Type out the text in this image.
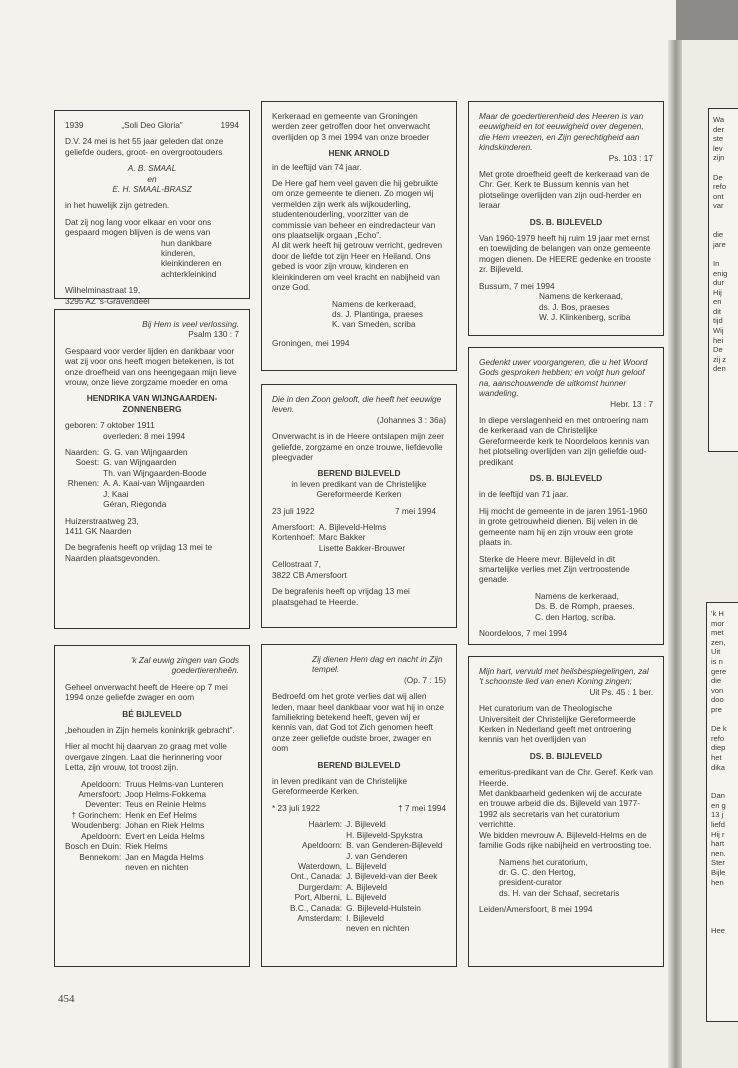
1939	„Soli Deo Gloria”	1994

D.V. 24 mei is het 55 jaar geleden dat onze geliefde ouders, groot- en overgrootouders

A. B. SMAAL
en
E. H. SMAAL-BRASZ

in het huwelijk zijn getreden.

Dat zij nog lang voor elkaar en voor ons gespaard mogen blijven is de wens van

hun dankbare kinderen, kleinkinderen en achterkleinkind

Wilhelminastraat 19,
3295 AZ 's-Gravendeel
Bij Hem is veel verlossing.

Psalm 130 : 7

Gespaard voor verder lijden en dankbaar voor wat zij voor ons heeft mogen betekenen, is tot onze droefheid van ons heengegaan mijn lieve vrouw, onze lieve zorgzame moeder en oma

HENDRIKA VAN WIJNGAARDEN-ZONNENBERG

geboren: 7 oktober 1911

overleden: 8 mei 1994

Naarden: G. G. van Wijngaarden
Soest: G. van Wijngaarden
Th. van Wijngaarden-Boode
Rhenen: A. A. Kaai-van Wijngaarden
J. Kaai
Géran, Riegonda
Huizerstraatweg 23,

1411 GK Naarden

De begrafenis heeft op vrijdag 13 mei te Naarden plaatsgevonden.

'k Zal euwig zingen van Gods goedertierenheên.

Geheel onverwacht heeft de Heere op 7 mei 1994 onze geliefde zwager en oom

BÉ BIJLEVELD

„behouden in Zijn hemels koninkrijk gebracht”.

Hier al mocht hij daarvan zo graag met volle overgave zingen. Laat die herinnering voor Letta, zijn vrouw, tot troost zijn.

Apeldoorn: Truus Helms-van Lunteren
Amersfoort: Joop Helms-Fokkema
Deventer: Teus en Reinie Helms
† Gorinchem: Henk en Eef Helms
Woudenberg: Johan en Riek Helms
Apeldoorn: Evert en Leida Helms
Bosch en Duin: Riek Helms
Bennekom: Jan en Magda Helms
neven en nichten

Kerkeraad en gemeente van Groningen werden zeer getroffen door het onverwacht overlijden op 3 mei 1994 van onze broeder

HENK ARNOLD

in de leeftijd van 74 jaar.

De Here gaf hem veel gaven die hij gebruikte om onze gemeente te dienen. Zo mogen wij vermelden zijn werk als wijkouderling, studentenouderling, voorzitter van de commissie van beheer en eindredacteur van ons plaatselijk orgaan „Echo”.

Al dit werk heeft hij getrouw verricht, gedreven door de liefde tot zijn Heer en Heiland. Ons gebed is voor zijn vrouw, kinderen en kleinkinderen om veel kracht en nabijheid van onze God.

Namens de kerkeraad,
ds. J. Plantinga, praeses

K. van Smeden, scriba

Groningen, mei 1994
Die in den Zoon gelooft, die heeft het eeuwige leven.

(Johannes 3 : 36a)

Onverwacht is in de Heere ontslapen mijn zeer geliefde, zorgzame en onze trouwe, liefdevolle pleegvader

BEREND BIJLEVELD

in leven predikant van de Christelijke Gereformeerde Kerken

23 juli 1922	7 mei 1994

Amersfoort: A. Bijleveld-Helms
Kortenhoef: Marc Bakker
Lisette Bakker-Brouwer
Cellostraat 7,

3822 CB Amersfoort

De begrafenis heeft op vrijdag 13 mei plaatsgehad te Heerde.

Zij dienen Hem dag en nacht in Zijn tempel.

(Op. 7 : 15)

Bedroefd om het grote verlies dat wij allen leden, maar heel dankbaar voor wat hij in onze familiekring betekend heeft, geven wij er kennis van, dat God tot Zich genomen heeft onze zeer geliefde oudste broer, zwager en oom

BEREND BIJLEVELD

in leven predikant van de Christelijke Gereformeerde Kerken.

* 23 juli 1922	† 7 mei 1994

Haarlem: J. Bijleveld
H. Bijleveld-Spykstra
Apeldoorn: B. van Genderen-Bijleveld
J. van Genderen
Waterdown, L. Bijleveld
Ont., Canada: J. Bijleveld-van der Beek
Durgerdam: A. Bijleveld
Port, Alberni, L. Bijleveld
B.C., Canada: G. Bijleveld-Hulstein
Amsterdam: I. Bijleveld
neven en nichten
Maar de goedertierenheid des Heeren is van eeuwigheid en tot eeuwigheid over degenen, die Hem vreezen, en Zijn gerechtigheid aan kindskinderen.

Ps. 103 : 17

Met grote droefheid geeft de kerkeraad van de Chr. Ger. Kerk te Bussum kennis van het plotselinge overlijden van zijn oud-herder en leraar

DS. B. BIJLEVELD

Van 1960-1979 heeft hij ruim 19 jaar met ernst en toewijding de belangen van onze gemeente mogen dienen. De HEERE gedenke en trooste zr. Bijleveld.

Bussum, 7 mei 1994
Namens de kerkeraad,
ds. J. Bos, praeses
W. J. Klinkenberg, scriba
Gedenkt uwer voorgangeren, die u het Woord Gods gesproken hebben; en volgt hun geloof na, aanschouwende de uitkomst hunner wandeling.

Hebr. 13 : 7

In diepe verslagenheid en met ontroering nam de kerkeraad van de Christelijke Gereformeerde kerk te Noordeloos kennis van het plotseling overlijden van zijn geliefde oud-predikant

DS. B. BIJLEVELD

in de leeftijd van 71 jaar.

Hij mocht de gemeente in de jaren 1951-1960 in grote getrouwheid dienen. Bij velen in de gemeente nam hij en zijn vrouw een grote plaats in.

Sterke de Heere mevr. Bijleveld in dit smartelijke verlies met Zijn vertroostende genade.

Namens de kerkeraad,
Ds. B. de Romph, praeses.

C. den Hartog, scriba.

Noordeloos, 7 mei 1994
Mijn hart, vervuld met heilsbespiegelingen, zal 't schoonste lied van enen Koning zingen;

Uit Ps. 45 : 1 ber.

Het curatorium van de Theologische Universiteit der Christelijke Gereformeerde Kerken in Nederland geeft met ontroering kennis van het overlijden van

DS. B. BIJLEVELD

emeritus-predikant van de Chr. Geref. Kerk van Heerde.
Met dankbaarheid gedenken wij de accurate en trouwe arbeid die ds. Bijleveld van 1977-1992 als secretaris van het curatorium verrichtte.

We bidden mevrouw A. Bijleveld-Helms en de familie Gods rijke nabijheid en vertroosting toe.

Namens het curatorium,
dr. G. C. den Hertog,
president-curator

ds. H. van der Schaaf, secretaris

Leiden/Amersfoort, 8 mei 1994
454
Wa
der
ste
lev
zijn

De
refo
ont
var

die
jare

In
enig
dur
Hij
en
dit
tijd
Wij
hei
De
zij z
den
'k H
mor
met
zen,
Uit
is n
gere
die
von
doo
pre

De k
refo
diep
het
dika

Dan
en g
13 j
liefd
Hij r
hart
nen.
Ster
Bijle
hen

Hee
